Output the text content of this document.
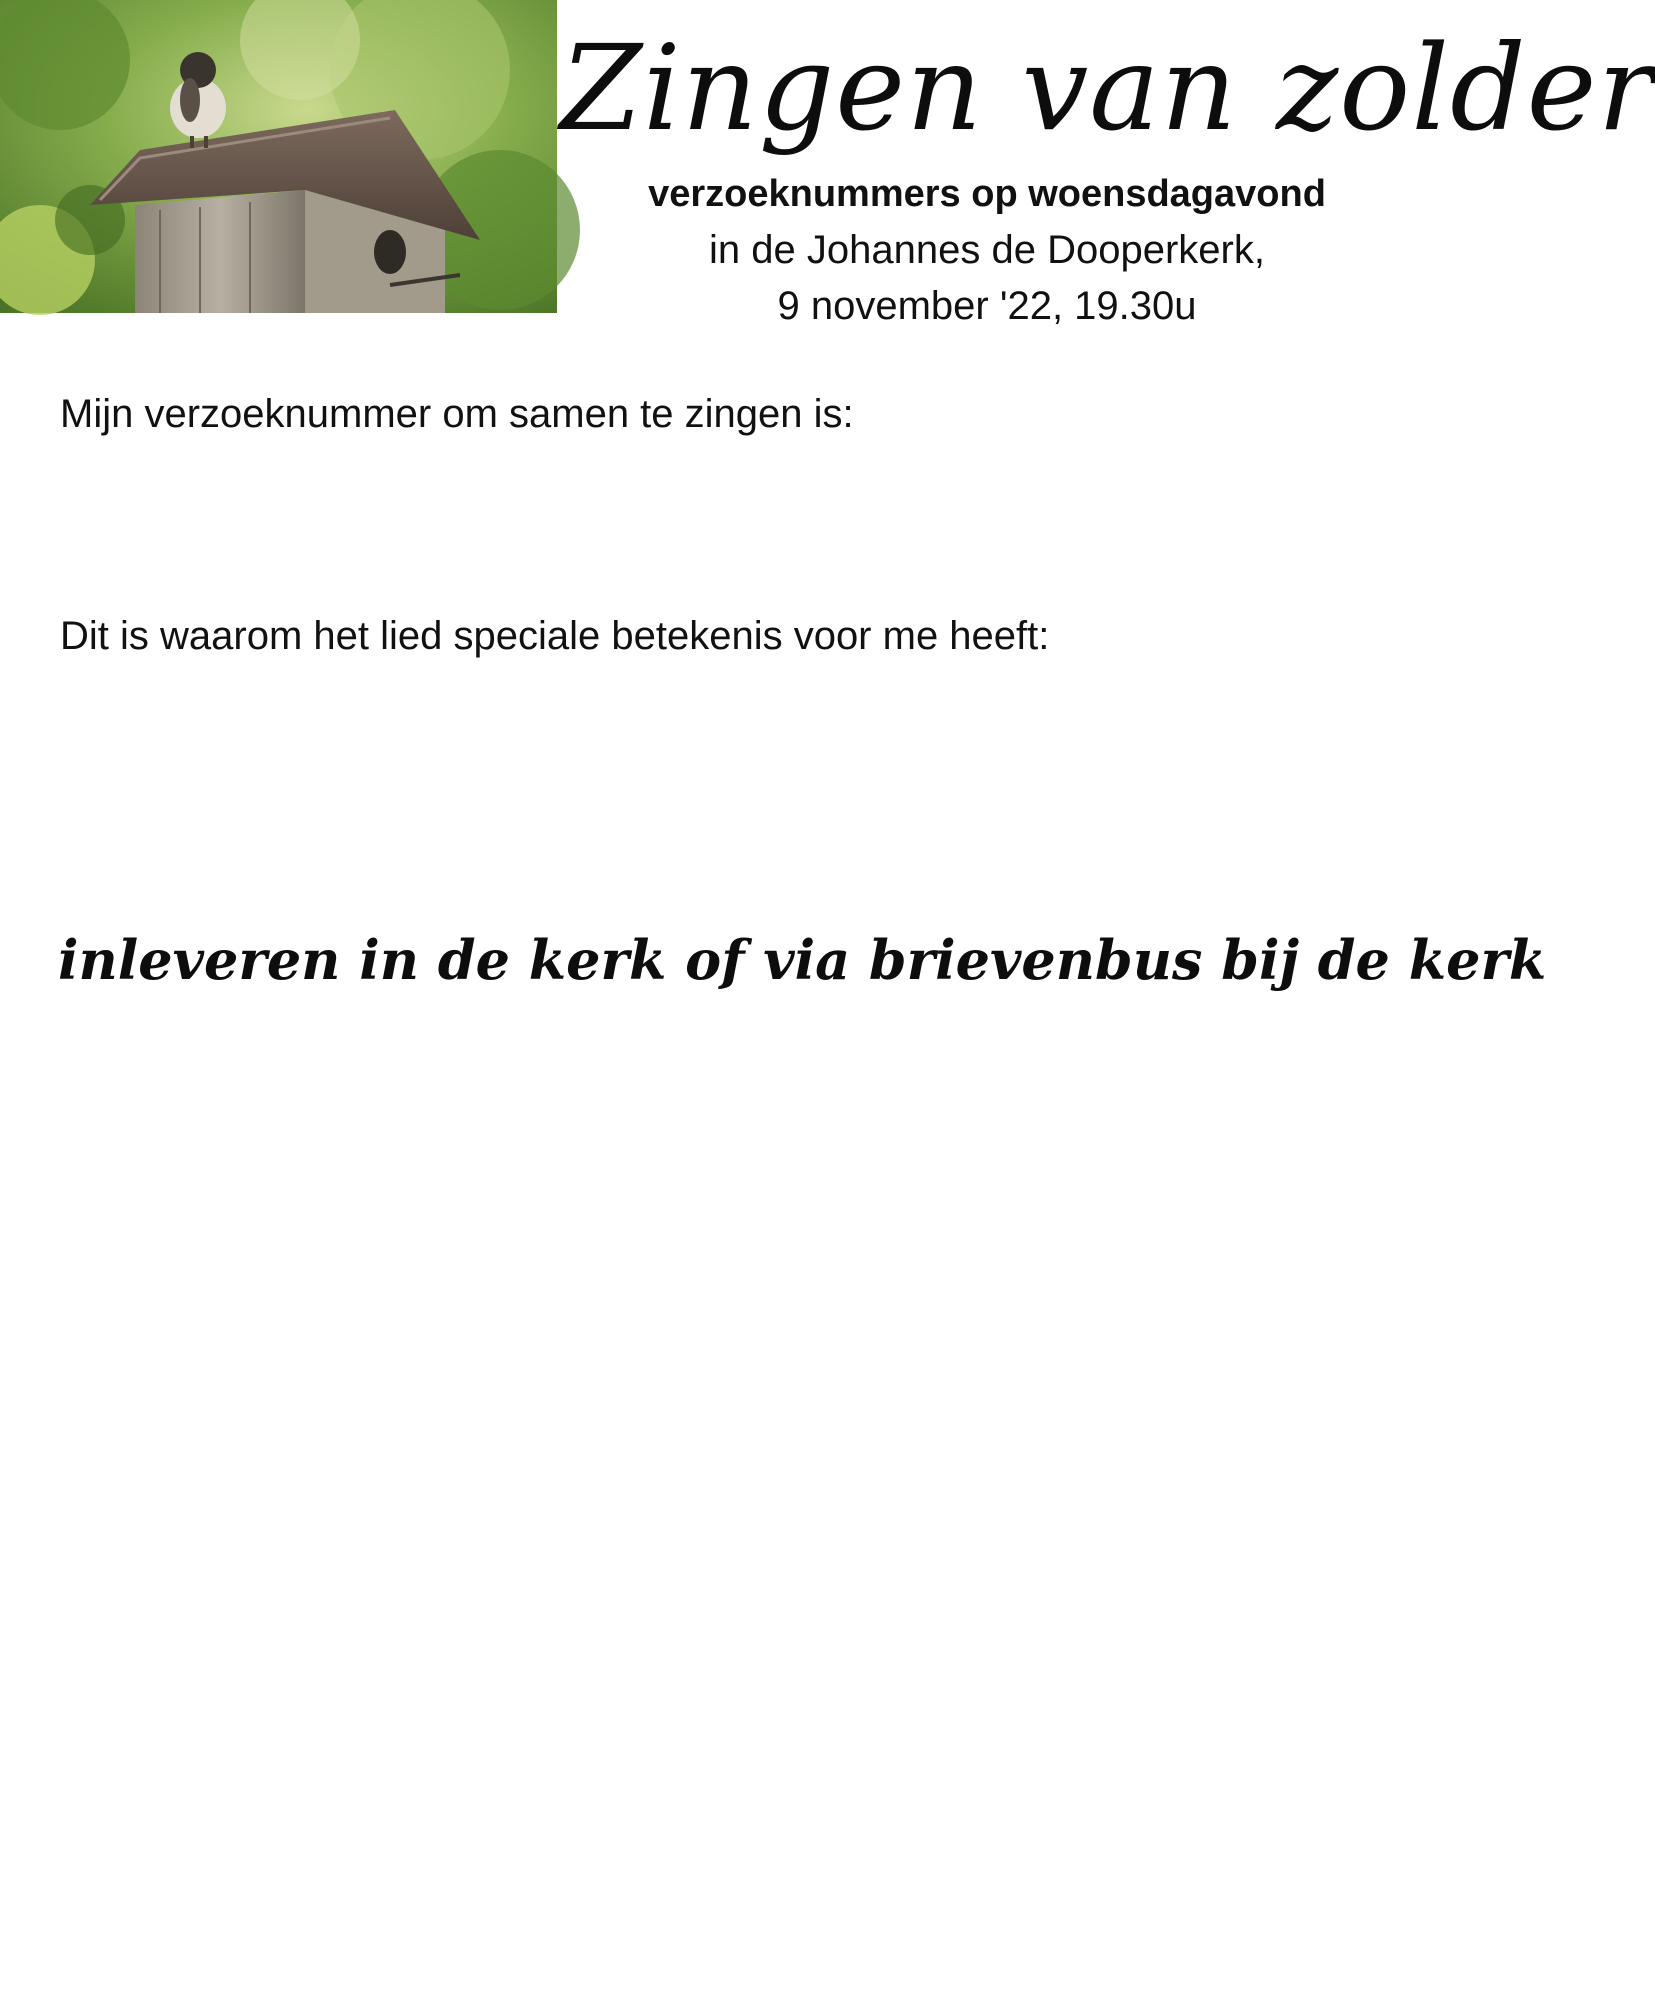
Zingen van zolder
verzoeknummers op woensdagavond
in de Johannes de Dooperkerk,
9 november '22, 19.30u
Mijn verzoeknummer om samen te zingen is:
Dit is waarom het lied speciale betekenis voor me heeft:
inleveren in de kerk of via brievenbus bij de kerk
